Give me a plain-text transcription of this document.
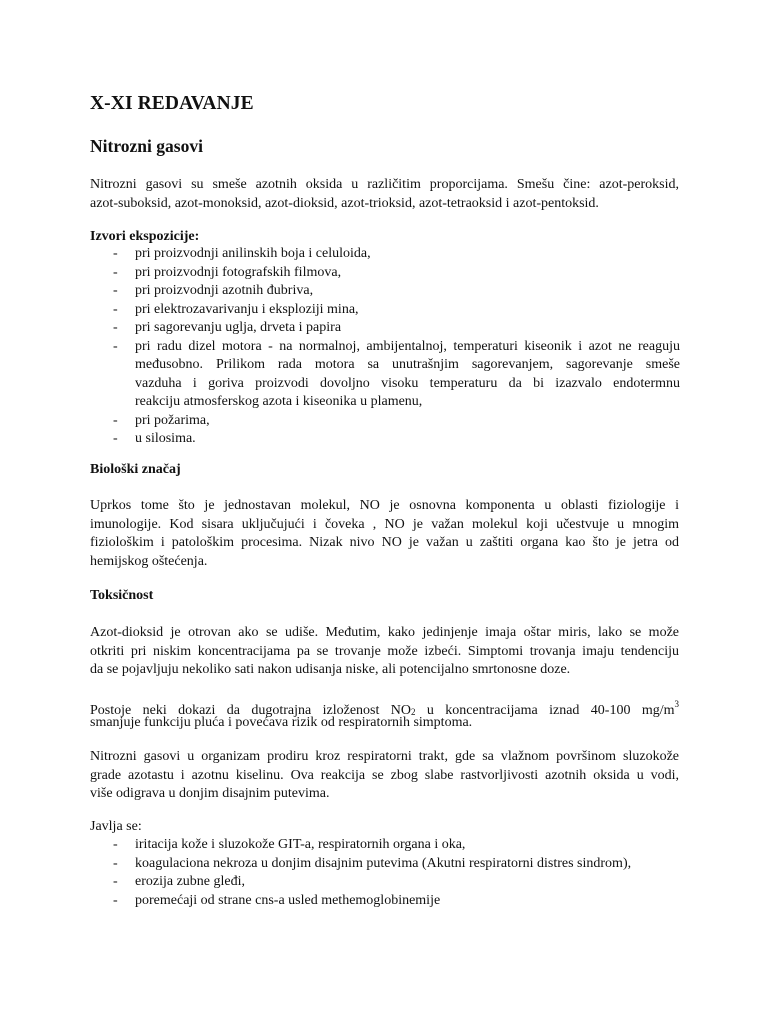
X-XI REDAVANJE
Nitrozni gasovi
Nitrozni gasovi su smeše azotnih oksida u različitim proporcijama. Smešu čine: azot-peroksid,
azot-suboksid, azot-monoksid, azot-dioksid, azot-trioksid, azot-tetraoksid i azot-pentoksid.
Izvori ekspozicije:
- pri proizvodnji anilinskih boja i celuloida,
- pri proizvodnji fotografskih filmova,
- pri proizvodnji azotnih đubriva,
- pri elektrozavarivanju i eksploziji mina,
- pri sagorevanju uglja, drveta i papira
- pri radu dizel motora - na normalnoj, ambijentalnoj, temperaturi kiseonik i azot ne reaguju
međusobno. Prilikom rada motora sa unutrašnjim sagorevanjem, sagorevanje smeše
vazduha i goriva proizvodi dovoljno visoku temperaturu da bi izazvalo endotermnu
reakciju atmosferskog azota i kiseonika u plamenu,
- pri požarima,
- u silosima.
Biološki značaj
Uprkos tome što je jednostavan molekul, NO je osnovna komponenta u oblasti fiziologije i
imunologije. Kod sisara uključujući i čoveka , NO je važan molekul koji učestvuje u mnogim
fiziološkim i patološkim procesima. Nizak nivo NO je važan u zaštiti organa kao što je jetra od
hemijskog oštećenja.
Toksičnost
Azot-dioksid je otrovan ako se udiše. Međutim, kako jedinjenje imaja oštar miris, lako se može
otkriti pri niskim koncentracijama pa se trovanje može izbeći. Simptomi trovanja imaju tendenciju
da se pojavljuju nekoliko sati nakon udisanja niske, ali potencijalno smrtonosne doze.
Postoje neki dokazi da dugotrajna izloženost $NO_2$ u koncentracijama iznad 40-100 $mg/m^3$
smanjuje funkciju pluća i povećava rizik od respiratornih simptoma.
Nitrozni gasovi u organizam prodiru kroz respiratorni trakt, gde sa vlažnom površinom sluzokože
grade azotastu i azotnu kiselinu. Ova reakcija se zbog slabe rastvorljivosti azotnih oksida u vodi,
više odigrava u donjim disajnim putevima.
Javlja se:
- iritacija kože i sluzokože GIT-a, respiratornih organa i oka,
- koagulaciona nekroza u donjim disajnim putevima (Akutni respiratorni distres sindrom),
- erozija zubne gleđi,
- poremećaji od strane cns-a usled methemoglobinemije
